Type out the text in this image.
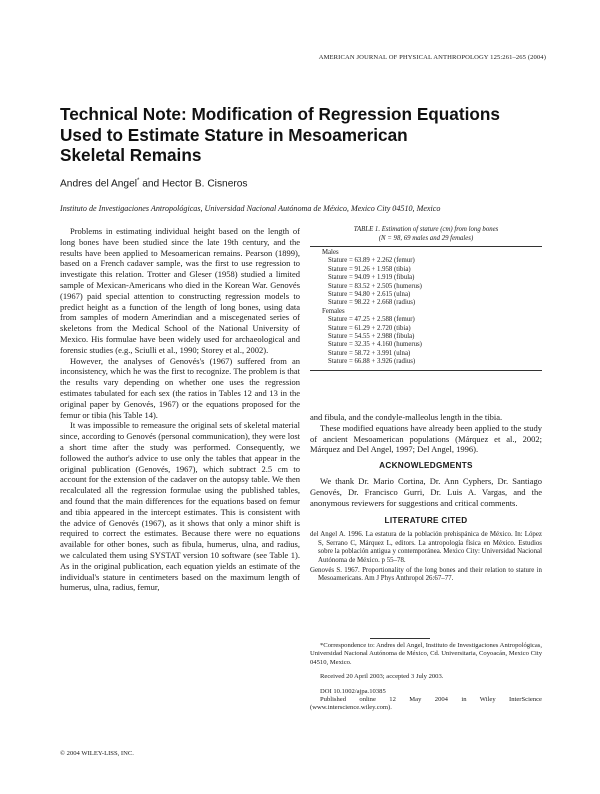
AMERICAN JOURNAL OF PHYSICAL ANTHROPOLOGY 125:261–265 (2004)
Technical Note: Modification of Regression Equations
Used to Estimate Stature in Mesoamerican
Skeletal Remains
Andres del Angel* and Hector B. Cisneros
Instituto de Investigaciones Antropológicas, Universidad Nacional Autónoma de México, Mexico City 04510, Mexico

Problems in estimating individual height based on the length of long bones have been studied since the late 19th century, and the results have been applied to Mesoamerican remains. Pearson (1899), based on a French cadaver sample, was the first to use regression to investigate this relation. Trotter and Gleser (1958) studied a limited sample of Mexican-Americans who died in the Korean War. Genovés (1967) paid special attention to constructing regression models to predict height as a function of the length of long bones, using data from samples of modern Amerindian and a miscegenated series of skeletons from the Medical School of the National University of Mexico. His formulae have been widely used for archaeological and forensic studies (e.g., Sciulli et al., 1990; Storey et al., 2002).

However, the analyses of Genovés's (1967) suffered from an inconsistency, which he was the first to recognize. The problem is that the results vary depending on whether one uses the regression estimates tabulated for each sex (the ratios in Tables 12 and 13 in the original paper by Genovés, 1967) or the equations proposed for the femur or tibia (his Table 14).

It was impossible to remeasure the original sets of skeletal material since, according to Genovés (personal communication), they were lost a short time after the study was performed. Consequently, we followed the author's advice to use only the tables that appear in the original publication (Genovés, 1967), which subtract 2.5 cm to account for the extension of the cadaver on the autopsy table. We then recalculated all the regression formulae using the published tables, and found that the main differences for the equations based on femur and tibia appeared in the intercept estimates. This is consistent with the advice of Genovés (1967), as it shows that only a minor shift is required to correct the estimates. Because there were no equations available for other bones, such as fibula, humerus, ulna, and radius, we calculated them using SYSTAT version 10 software (see Table 1). As in the original publication, each equation yields an estimate of the individual's stature in centimeters based on the maximum length of humerus, ulna, radius, femur,

TABLE 1. Estimation of stature (cm) from long bones
(N = 98, 69 males and 29 females)
Males
Stature = 63.89 + 2.262 (femur)
Stature = 91.26 + 1.958 (tibia)
Stature = 94.09 + 1.919 (fibula)
Stature = 83.52 + 2.505 (humerus)
Stature = 94.80 + 2.615 (ulna)
Stature = 98.22 + 2.668 (radius)
Females
Stature = 47.25 + 2.588 (femur)
Stature = 61.29 + 2.720 (tibia)
Stature = 54.55 + 2.988 (fibula)
Stature = 32.35 + 4.160 (humerus)
Stature = 58.72 + 3.991 (ulna)
Stature = 66.88 + 3.926 (radius)

and fibula, and the condyle-malleolus length in the tibia.

These modified equations have already been applied to the study of ancient Mesoamerican populations (Márquez et al., 2002; Márquez and Del Angel, 1997; Del Angel, 1996).

ACKNOWLEDGMENTS

We thank Dr. Mario Cortina, Dr. Ann Cyphers, Dr. Santiago Genovés, Dr. Francisco Gurri, Dr. Luis A. Vargas, and the anonymous reviewers for suggestions and critical comments.

LITERATURE CITED
del Angel A. 1996. La estatura de la población prehispánica de México. In: López S, Serrano C, Márquez L, editors. La antropología física en México. Estudios sobre la población antigua y contemporánea. Mexico City: Universidad Nacional Autónoma de México. p 55–78.
Genovés S. 1967. Proportionality of the long bones and their relation to stature in Mesoamericans. Am J Phys Anthropol 26:67–77.
*Correspondence to: Andres del Angel, Instituto de Investigaciones Antropológicas, Universidad Nacional Autónoma de México, Cd. Universitaria, Coyoacán, Mexico City 04510, Mexico.
Received 20 April 2003; accepted 3 July 2003.
DOI 10.1002/ajpa.10385
Published online 12 May 2004 in Wiley InterScience (www.interscience.wiley.com).
© 2004 WILEY-LISS, INC.
